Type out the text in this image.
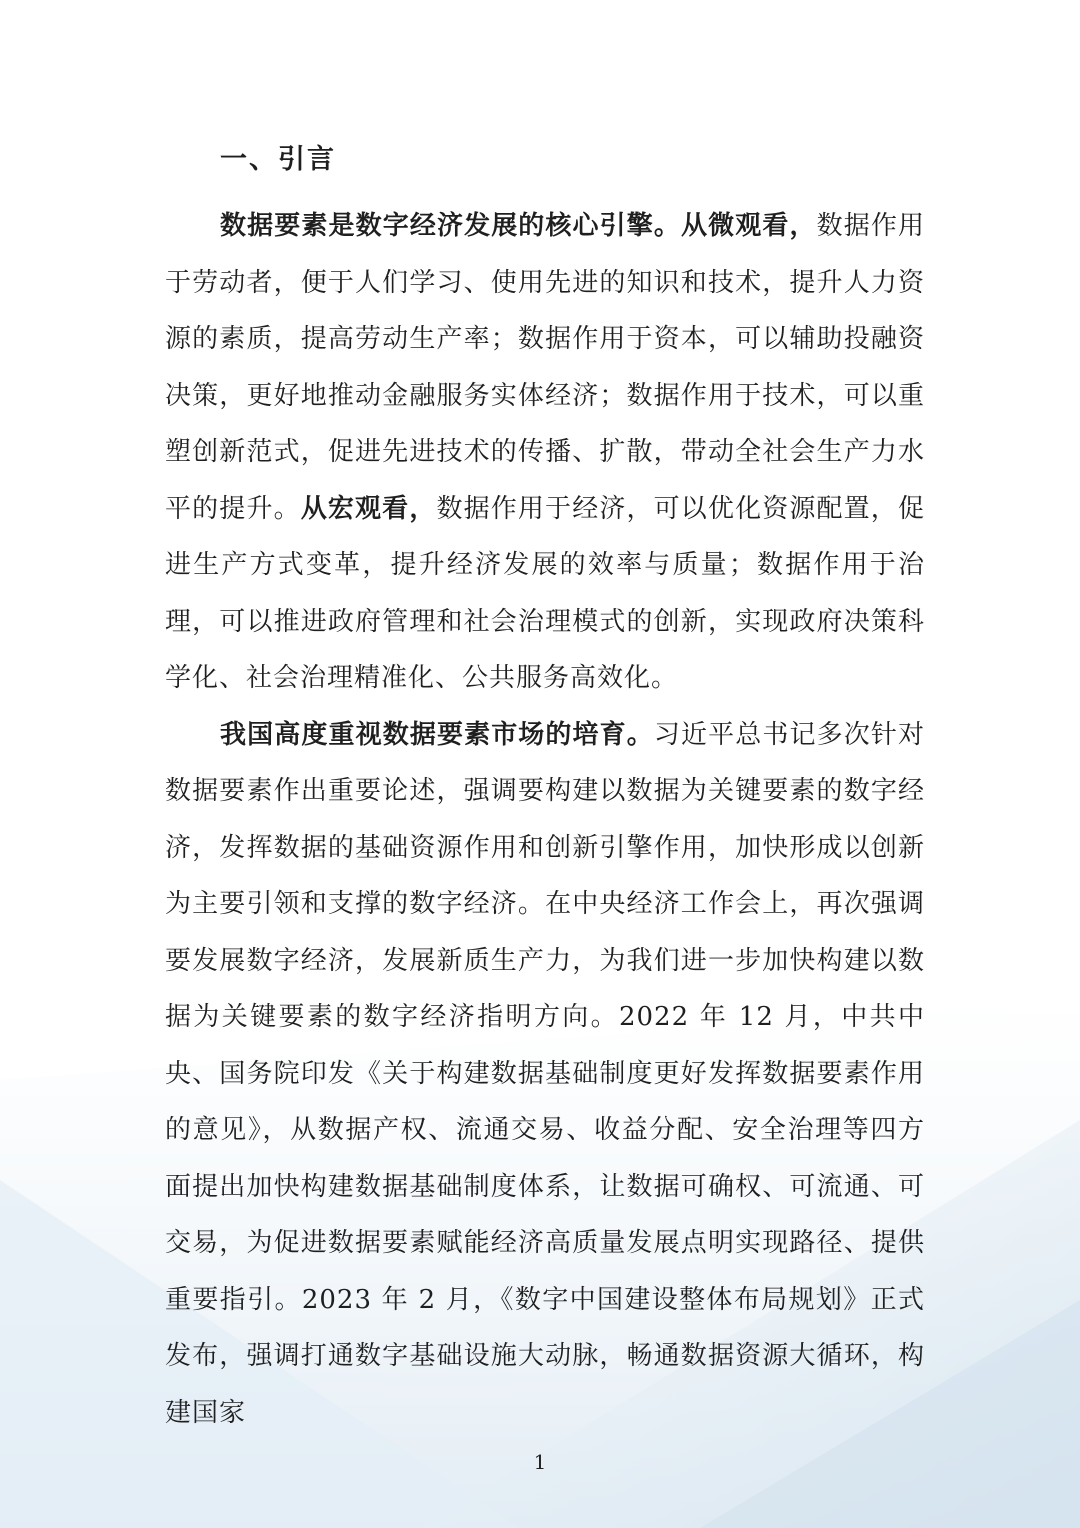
一、引言

数据要素是数字经济发展的核心引擎。从微观看，数据作用于劳动者，便于人们学习、使用先进的知识和技术，提升人力资源的素质，提高劳动生产率；数据作用于资本，可以辅助投融资决策，更好地推动金融服务实体经济；数据作用于技术，可以重塑创新范式，促进先进技术的传播、扩散，带动全社会生产力水平的提升。从宏观看，数据作用于经济，可以优化资源配置，促进生产方式变革，提升经济发展的效率与质量；数据作用于治理，可以推进政府管理和社会治理模式的创新，实现政府决策科学化、社会治理精准化、公共服务高效化。

我国高度重视数据要素市场的培育。习近平总书记多次针对数据要素作出重要论述，强调要构建以数据为关键要素的数字经济，发挥数据的基础资源作用和创新引擎作用，加快形成以创新为主要引领和支撑的数字经济。在中央经济工作会上，再次强调要发展数字经济，发展新质生产力，为我们进一步加快构建以数据为关键要素的数字经济指明方向。2022 年 12 月，中共中央、国务院印发《关于构建数据基础制度更好发挥数据要素作用的意见》，从数据产权、流通交易、收益分配、安全治理等四方面提出加快构建数据基础制度体系，让数据可确权、可流通、可交易，为促进数据要素赋能经济高质量发展点明实现路径、提供重要指引。2023 年 2 月，《数字中国建设整体布局规划》正式发布，强调打通数字基础设施大动脉，畅通数据资源大循环，构建国家

1
